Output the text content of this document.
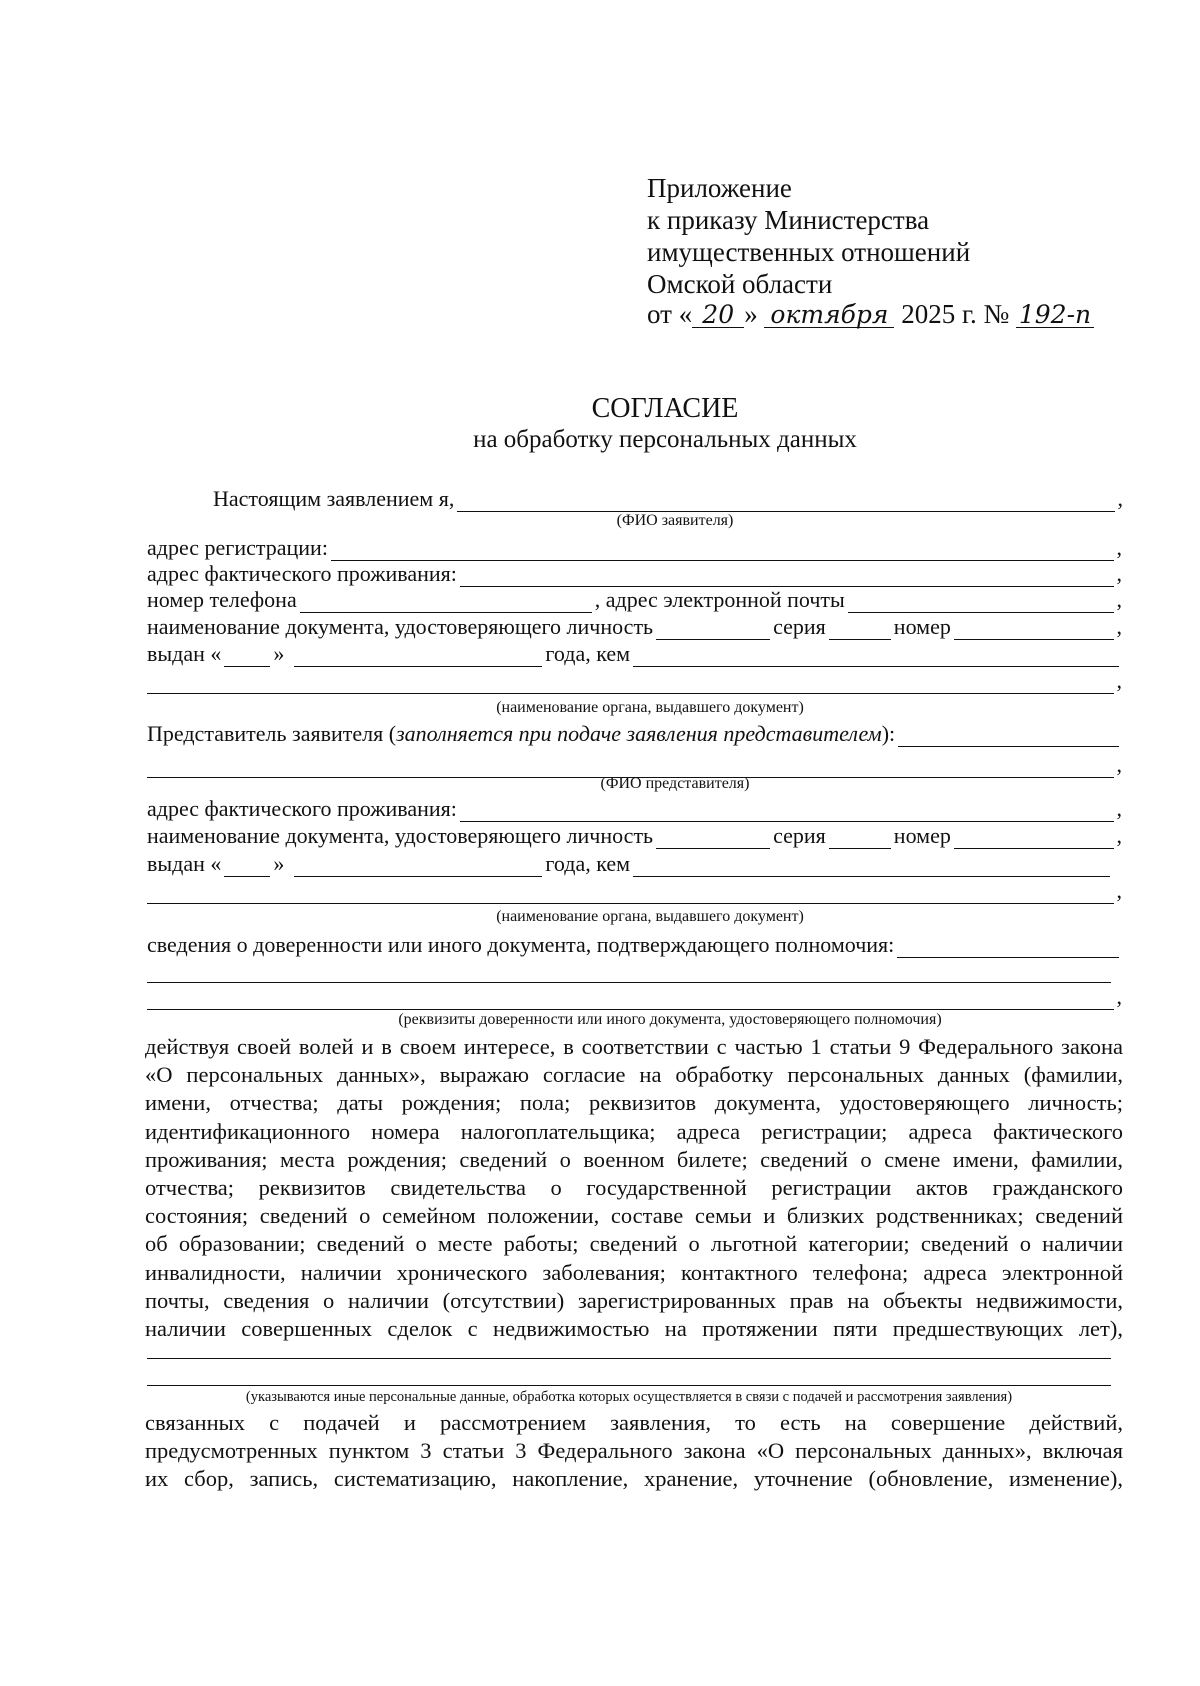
Приложение
к приказу Министерства
имущественных отношений
Омской области
от « 20 » октября 2025 г. № 192-п
СОГЛАСИЕ
на обработку персональных данных
Настоящим заявлением я,	,
(ФИО заявителя)
адрес регистрации:	,
адрес фактического проживания:	,
номер телефона	, адрес электронной почты	,
наименование документа, удостоверяющего личность	серия	номер	,
выдан « »	года, кем
,
(наименование органа, выдавшего документ)
Представитель заявителя (заполняется при подаче заявления представителем):
,
(ФИО представителя)
адрес фактического проживания:	,
наименование документа, удостоверяющего личность	серия	номер	,
выдан « »	года, кем
,
(наименование органа, выдавшего документ)
сведения о доверенности или иного документа, подтверждающего полномочия:
,
(реквизиты доверенности или иного документа, удостоверяющего полномочия)
действуя своей волей и в своем интересе, в соответствии с частью 1 статьи 9 Федерального закона
«О персональных данных», выражаю согласие на обработку персональных данных (фамилии,
имени, отчества; даты рождения; пола; реквизитов документа, удостоверяющего личность;
идентификационного номера налогоплательщика; адреса регистрации; адреса фактического
проживания; места рождения; сведений о военном билете; сведений о смене имени, фамилии,
отчества; реквизитов свидетельства о государственной регистрации актов гражданского
состояния; сведений о семейном положении, составе семьи и близких родственниках; сведений
об образовании; сведений о месте работы; сведений о льготной категории; сведений о наличии
инвалидности, наличии хронического заболевания; контактного телефона; адреса электронной
почты, сведения о наличии (отсутствии) зарегистрированных прав на объекты недвижимости,
наличии совершенных сделок с недвижимостью на протяжении пяти предшествующих лет),
(указываются иные персональные данные, обработка которых осуществляется в связи с подачей и рассмотрения заявления)
связанных с подачей и рассмотрением заявления, то есть на совершение действий,
предусмотренных пунктом 3 статьи 3 Федерального закона «О персональных данных», включая
их сбор, запись, систематизацию, накопление, хранение, уточнение (обновление, изменение),
